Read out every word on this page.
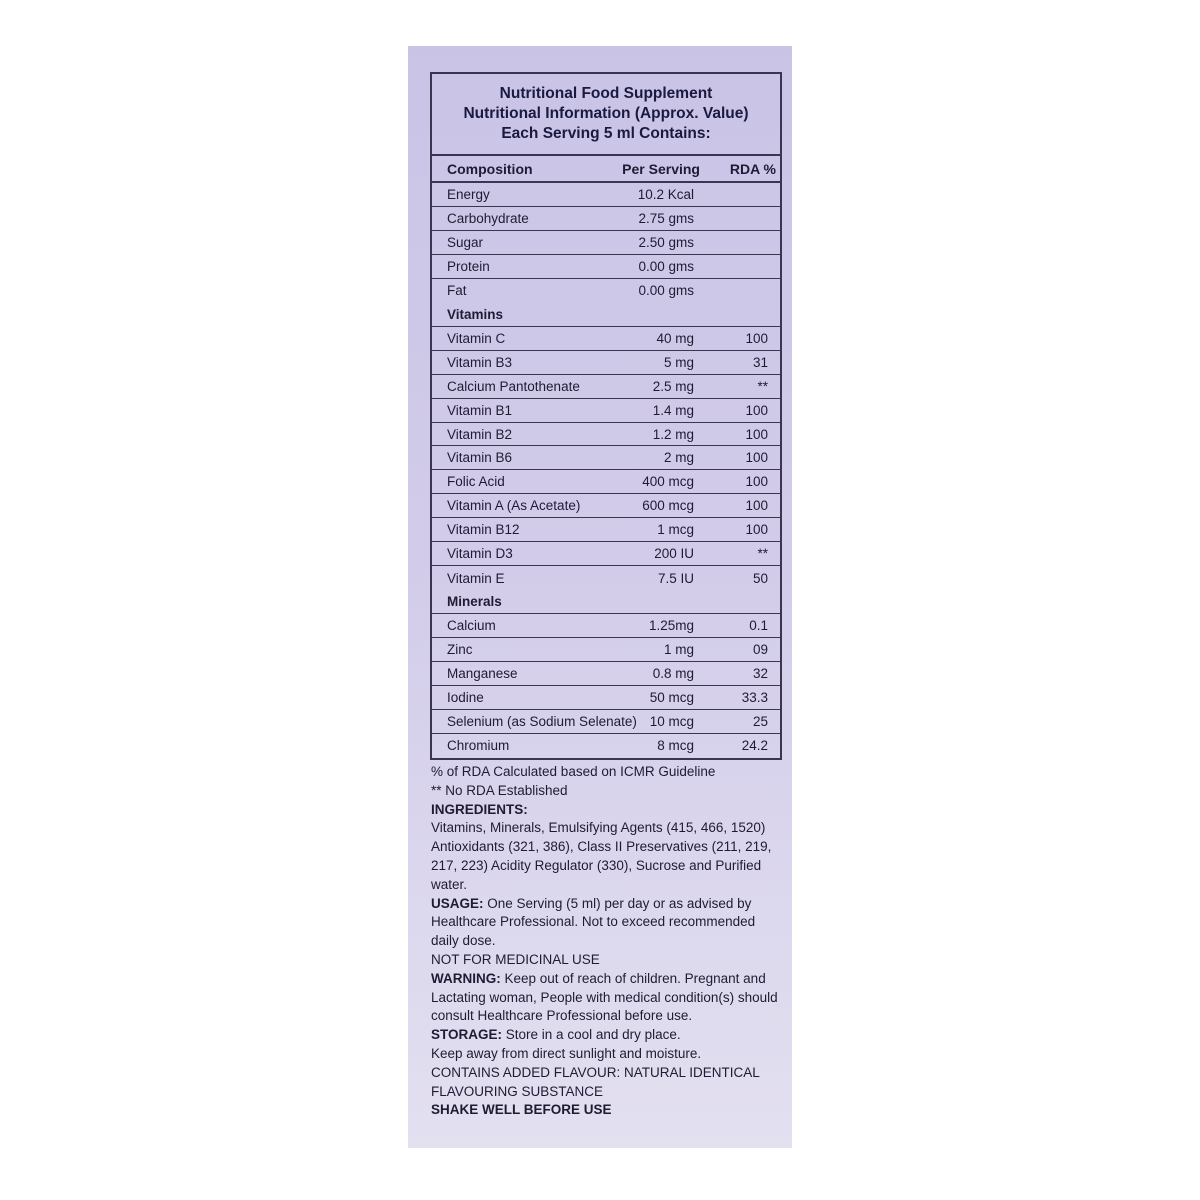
Nutritional Food Supplement
Nutritional Information (Approx. Value)
Each Serving 5 ml Contains:
Composition	Per Serving RDA %
Energy	10.2 Kcal
Carbohydrate	2.75 gms
Sugar	2.50 gms
Protein	0.00 gms
Fat	0.00 gms
Vitamins
Vitamin C	40 mg	100
Vitamin B3	5 mg	31
Calcium Pantothenate	2.5 mg	**
Vitamin B1	1.4 mg	100
Vitamin B2	1.2 mg	100
Vitamin B6	2 mg	100
Folic Acid	400 mcg	100
Vitamin A (As Acetate)	600 mcg	100
Vitamin B12	1 mcg	100
Vitamin D3	200 IU	**
Vitamin E	7.5 IU	50
Minerals
Calcium	1.25mg	0.1
Zinc	1 mg	09
Manganese	0.8 mg	32
Iodine	50 mcg	33.3
Selenium (as Sodium Selenate) 10 mcg	25
Chromium	8 mcg	24.2

% of RDA Calculated based on ICMR Guideline

** No RDA Established

INGREDIENTS:

Vitamins, Minerals, Emulsifying Agents (415, 466, 1520) Antioxidants (321, 386), Class II Preservatives (211, 219, 217, 223) Acidity Regulator (330), Sucrose and Purified water.

USAGE: One Serving (5 ml) per day or as advised by Healthcare Professional. Not to exceed recommended daily dose.

NOT FOR MEDICINAL USE

WARNING: Keep out of reach of children. Pregnant and Lactating woman, People with medical condition(s) should consult Healthcare Professional before use.

STORAGE: Store in a cool and dry place.

Keep away from direct sunlight and moisture.

CONTAINS ADDED FLAVOUR: NATURAL IDENTICAL FLAVOURING SUBSTANCE

SHAKE WELL BEFORE USE
